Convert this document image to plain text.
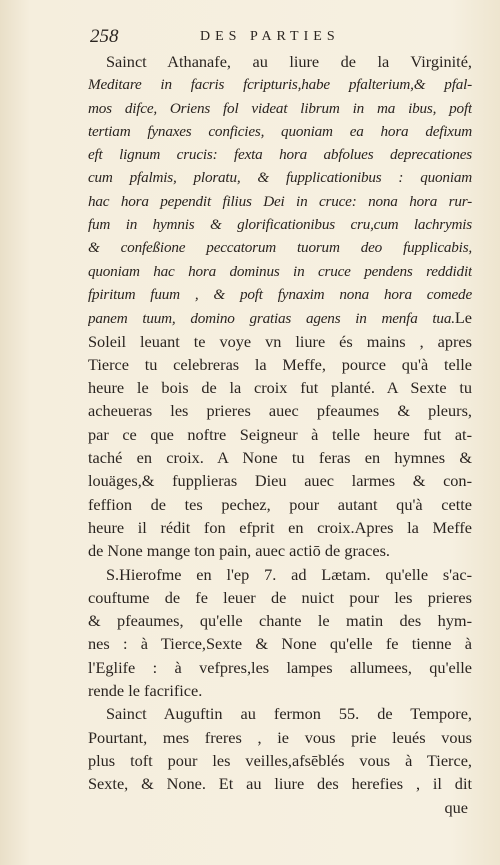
258	DES PARTIES
Sainct Athanafe, au liure de la Virginité,
Meditare in facris fcripturis,habe pfalterium,& pfal-
mos difce, Oriens fol videat librum in ma ibus, poft
tertiam fynaxes conficies, quoniam ea hora defixum
eft lignum crucis: fexta hora abfolues deprecationes
cum pfalmis, ploratu, & fupplicationibus : quoniam
hac hora pependit filius Dei in cruce: nona hora rur-
fum in hymnis & glorificationibus cru,cum lachrymis
& confeßione peccatorum tuorum deo fupplicabis,
quoniam hac hora dominus in cruce pendens reddidit
fpiritum fuum , & poft fynaxim nona hora comede
panem tuum, domino gratias agens in menfa tua.Le
Soleil leuant te voye vn liure és mains , apres
Tierce tu celebreras la Meffe, pource qu'à telle
heure le bois de la croix fut planté. A Sexte tu
acheueras les prieres auec pfeaumes & pleurs,
par ce que noftre Seigneur à telle heure fut at-
taché en croix. A None tu feras en hymnes &
louäges,& fupplieras Dieu auec larmes & con-
feffion de tes pechez, pour autant qu'à cette
heure il rédit fon efprit en croix.Apres la Meffe
de None mange ton pain, auec actiō de graces.
S.Hierofme en l'ep 7. ad Lætam. qu'elle s'ac-
couftume de fe leuer de nuict pour les prieres
& pfeaumes, qu'elle chante le matin des hym-
nes : à Tierce,Sexte & None qu'elle fe tienne à
l'Eglife : à vefpres,les lampes allumees, qu'elle
rende le facrifice.
Sainct Auguftin au fermon 55. de Tempore,
Pourtant, mes freres , ie vous prie leués vous
plus toft pour les veilles,afsēblés vous à Tierce,
Sexte, & None. Et au liure des herefies , il dit
que
